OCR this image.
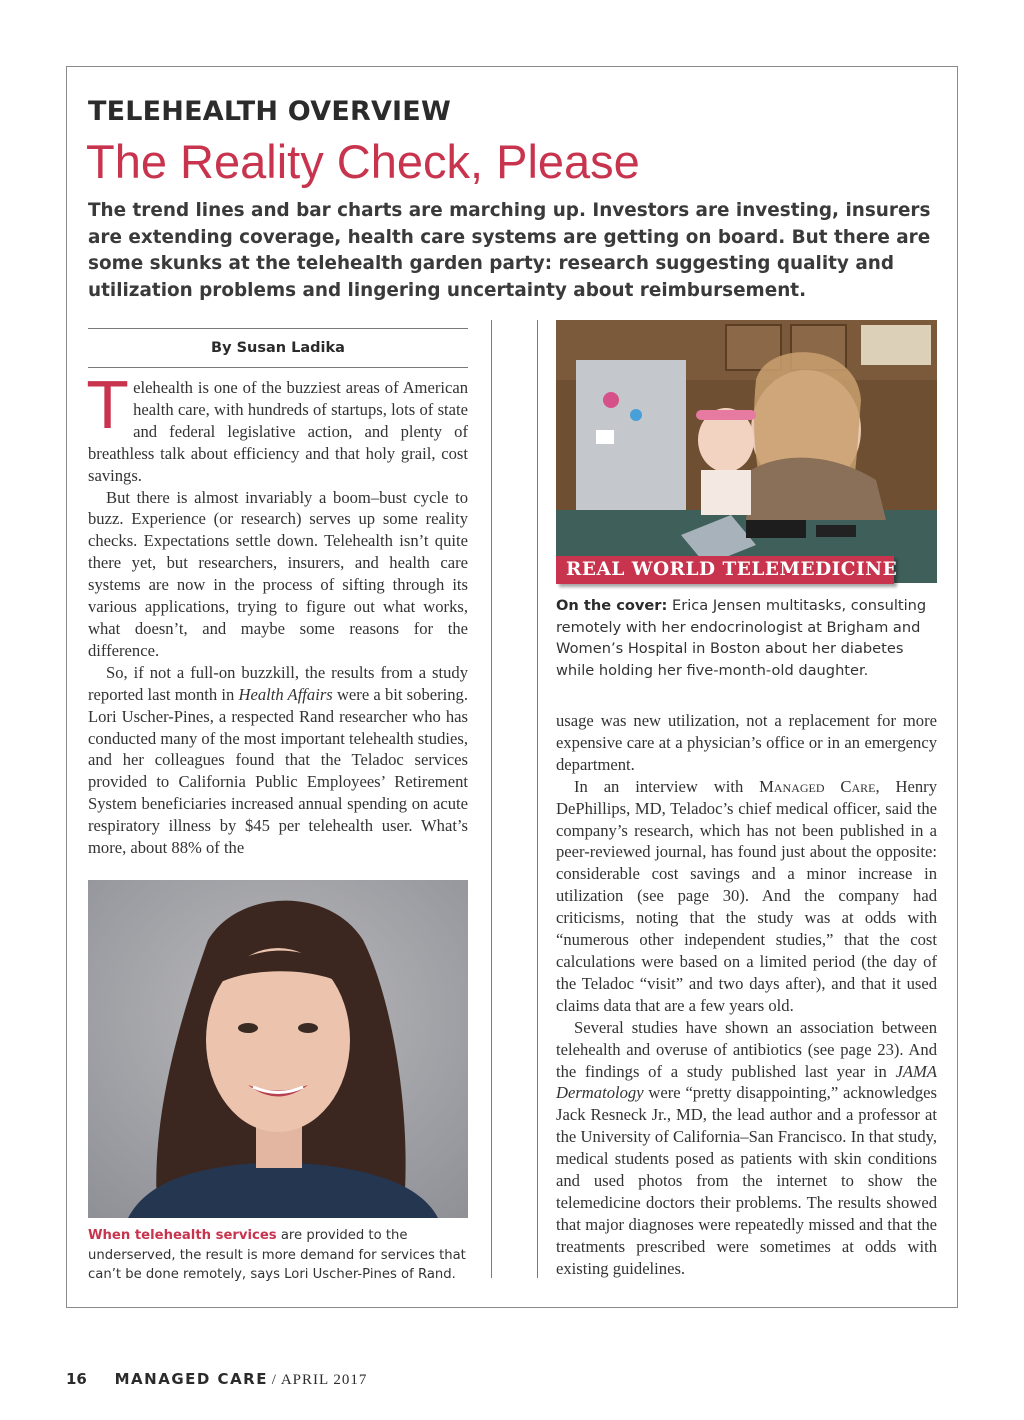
TELEHEALTH OVERVIEW
The Reality Check, Please
The trend lines and bar charts are marching up. Investors are investing, insurers are extending coverage, health care systems are getting on board. But there are some skunks at the telehealth garden party: research suggesting quality and utilization problems and lingering uncertainty about reimbursement.
By Susan Ladika

Telehealth is one of the buzziest areas of American health care, with hundreds of startups, lots of state and federal legislative action, and plenty of breathless talk about efficiency and that holy grail, cost savings.

But there is almost invariably a boom–bust cycle to buzz. Experience (or research) serves up some reality checks. Expectations settle down. Telehealth isn’t quite there yet, but researchers, insurers, and health care systems are now in the process of sifting through its various applications, trying to figure out what works, what doesn’t, and maybe some reasons for the difference.

So, if not a full-on buzzkill, the results from a study reported last month in Health Affairs were a bit sobering. Lori Uscher-Pines, a respected Rand researcher who has conducted many of the most important telehealth studies, and her colleagues found that the Teladoc services provided to California Public Employees’ Retirement System beneficiaries increased annual spending on acute respiratory illness by $45 per telehealth user. What’s more, about 88% of the

When telehealth services are provided to the underserved, the result is more demand for services that can’t be done remotely, says Lori Uscher-Pines of Rand.
REAL WORLD TELEMEDICINE
On the cover: Erica Jensen multitasks, consulting remotely with her endocrinologist at Brigham and Women’s Hospital in Boston about her diabetes while holding her five-month-old daughter.

usage was new utilization, not a replacement for more expensive care at a physician’s office or in an emergency department.

In an interview with Managed Care, Henry DePhillips, MD, Teladoc’s chief medical officer, said the company’s research, which has not been published in a peer-reviewed journal, has found just about the opposite: considerable cost savings and a minor increase in utilization (see page 30). And the company had criticisms, noting that the study was at odds with “numerous other independent studies,” that the cost calculations were based on a limited period (the day of the Teladoc “visit” and two days after), and that it used claims data that are a few years old.

Several studies have shown an association between telehealth and overuse of antibiotics (see page 23). And the findings of a study published last year in JAMA Dermatology were “pretty disappointing,” acknowledges Jack Resneck Jr., MD, the lead author and a professor at the University of California–San Francisco. In that study, medical students posed as patients with skin conditions and used photos from the internet to show the telemedicine doctors their problems. The results showed that major diagnoses were repeatedly missed and that the treatments prescribed were sometimes at odds with existing guidelines.

16 MANAGED CARE / APRIL 2017
